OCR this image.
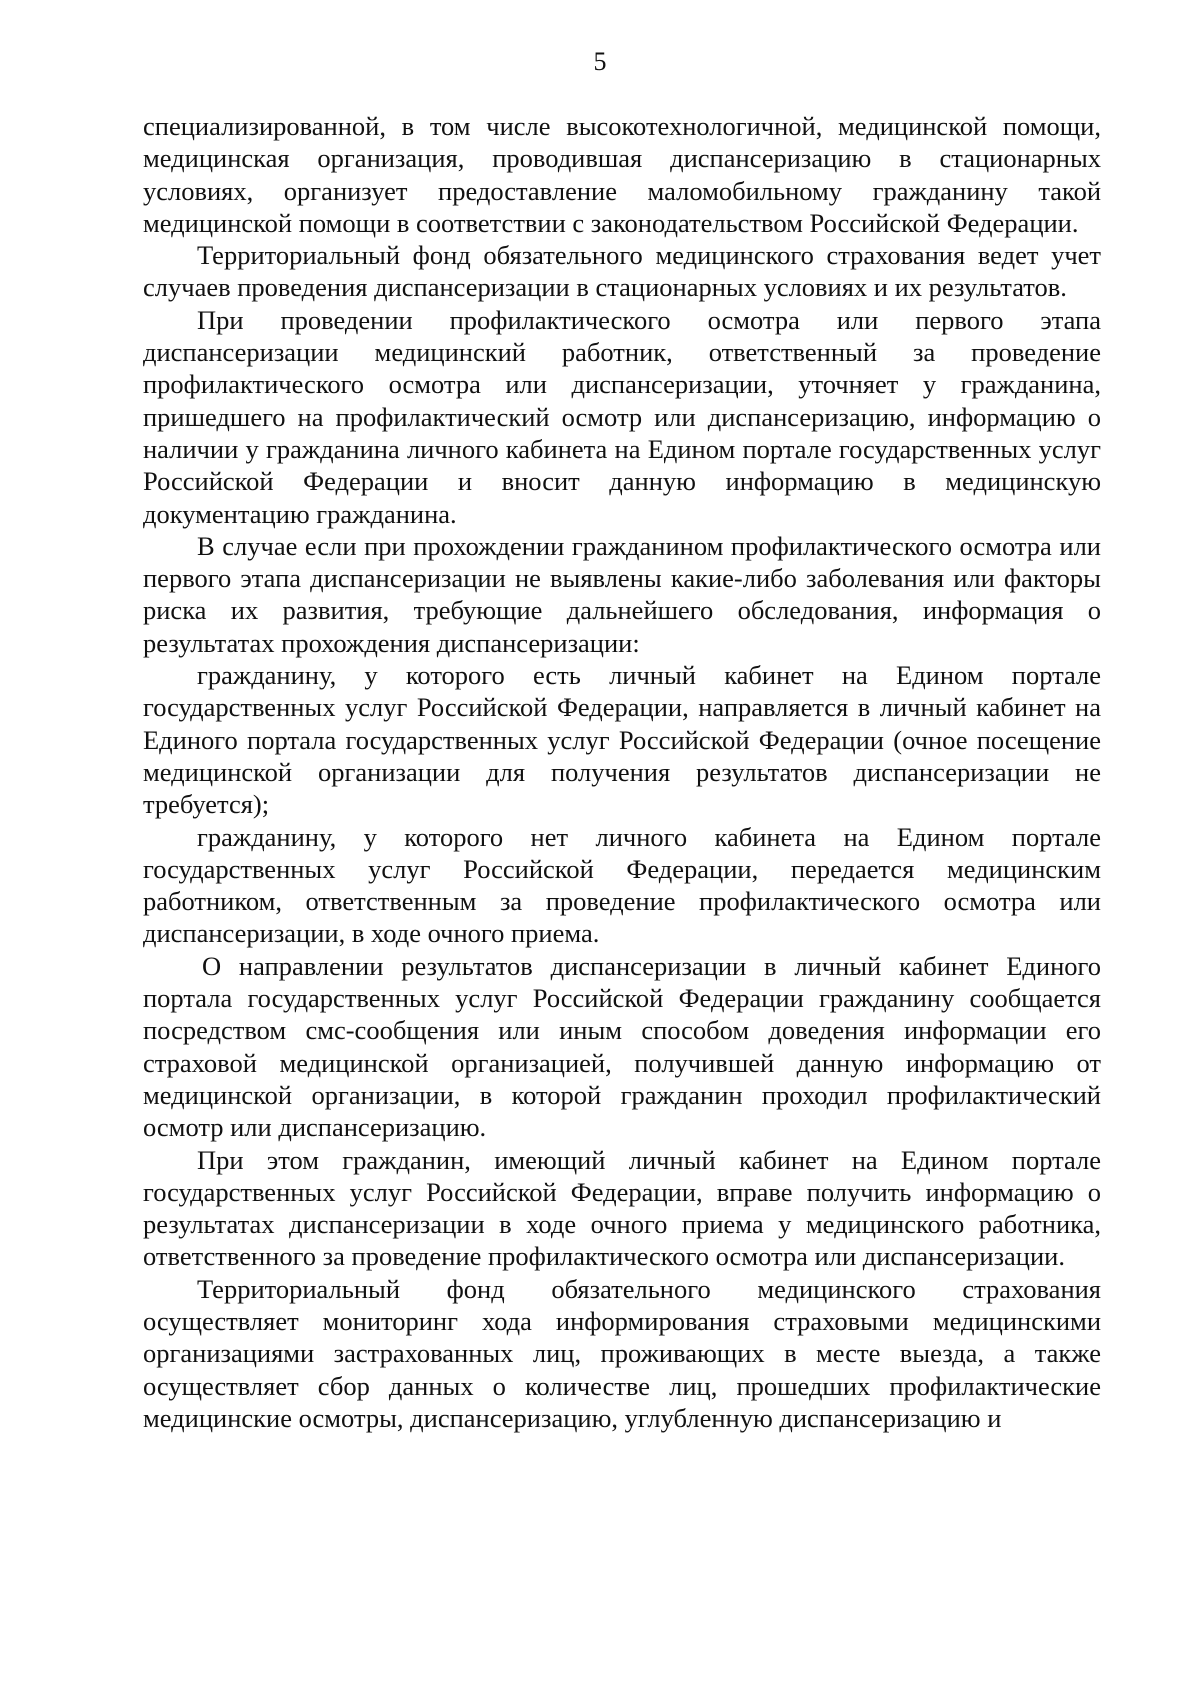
5

специализированной, в том числе высокотехнологичной, медицинской помощи, медицинская организация, проводившая диспансеризацию в стационарных условиях, организует предоставление маломобильному гражданину такой медицинской помощи в соответствии с законодательством Российской Федерации.

Территориальный фонд обязательного медицинского страхования ведет учет случаев проведения диспансеризации в стационарных условиях и их результатов.

При проведении профилактического осмотра или первого этапа диспансеризации медицинский работник, ответственный за проведение профилактического осмотра или диспансеризации, уточняет у гражданина, пришедшего на профилактический осмотр или диспансеризацию, информацию о наличии у гражданина личного кабинета на Едином портале государственных услуг Российской Федерации и вносит данную информацию в медицинскую документацию гражданина.

В случае если при прохождении гражданином профилактического осмотра или первого этапа диспансеризации не выявлены какие-либо заболевания или факторы риска их развития, требующие дальнейшего обследования, информация о результатах прохождения диспансеризации:

гражданину, у которого есть личный кабинет на Едином портале государственных услуг Российской Федерации, направляется в личный кабинет на Единого портала государственных услуг Российской Федерации (очное посещение медицинской организации для получения результатов диспансеризации не требуется);

гражданину, у которого нет личного кабинета на Едином портале государственных услуг Российской Федерации, передается медицинским работником, ответственным за проведение профилактического осмотра или диспансеризации, в ходе очного приема.

О направлении результатов диспансеризации в личный кабинет Единого портала государственных услуг Российской Федерации гражданину сообщается посредством смс-сообщения или иным способом доведения информации его страховой медицинской организацией, получившей данную информацию от медицинской организации, в которой гражданин проходил профилактический осмотр или диспансеризацию.

При этом гражданин, имеющий личный кабинет на Едином портале государственных услуг Российской Федерации, вправе получить информацию о результатах диспансеризации в ходе очного приема у медицинского работника, ответственного за проведение профилактического осмотра или диспансеризации.

Территориальный фонд обязательного медицинского страхования осуществляет мониторинг хода информирования страховыми медицинскими организациями застрахованных лиц, проживающих в месте выезда, а также осуществляет сбор данных о количестве лиц, прошедших профилактические медицинские осмотры, диспансеризацию, углубленную диспансеризацию и
